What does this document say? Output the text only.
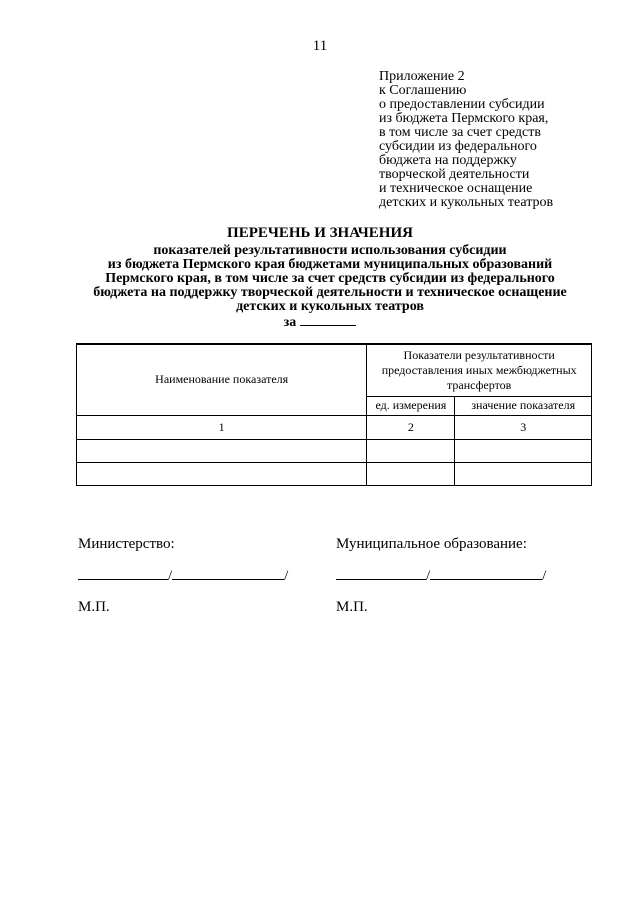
11
Приложение 2
к Соглашению
о предоставлении субсидии
из бюджета Пермского края,
в том числе за счет средств
субсидии из федерального
бюджета на поддержку
творческой деятельности
и техническое оснащение
детских и кукольных театров
ПЕРЕЧЕНЬ И ЗНАЧЕНИЯ
показателей результативности использования субсидии
из бюджета Пермского края бюджетами муниципальных образований
Пермского края, в том числе за счет средств субсидии из федерального
бюджета на поддержку творческой деятельности и техническое оснащение
детских и кукольных театров
за
Наименование показателя	Показатели результативности предоставления иных межбюджетных трансфертов	
	ед. измерения	значение показателя
1	2	3

Министерство:
/	/
М.П.
Муниципальное образование:
/	/
М.П.
